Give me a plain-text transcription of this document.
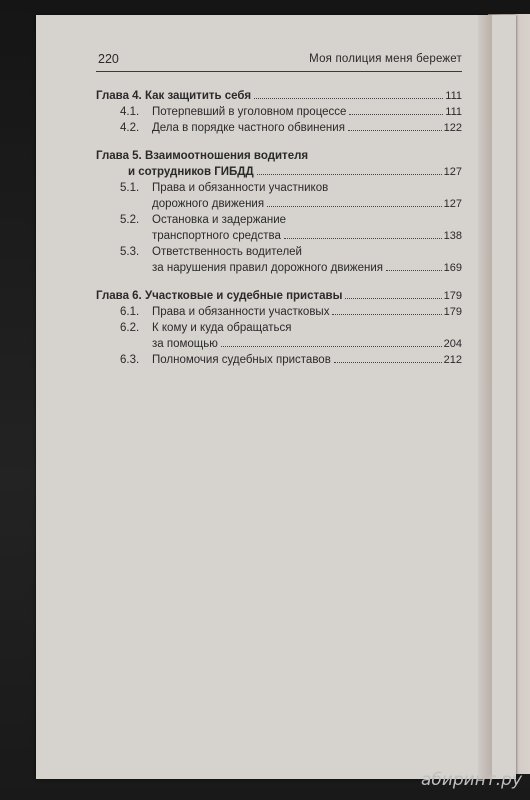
220	Моя полиция меня бережет
Глава 4. Как защитить себя	111
4.1.	Потерпевший в уголовном процессе	111
4.2.	Дела в порядке частного обвинения	122
Глава 5. Взаимоотношения водителя
и сотрудников ГИБДД	127
5.1.	Права и обязанности участников
дорожного движения	127
5.2.	Остановка и задержание
транспортного средства	138
5.3.	Ответственность водителей
за нарушения правил дорожного движения	169
Глава 6. Участковые и судебные приставы	179
6.1.	Права и обязанности участковых	179
6.2.	К кому и куда обращаться
за помощью	204
6.3.	Полномочия судебных приставов	212
абиринт.ру
